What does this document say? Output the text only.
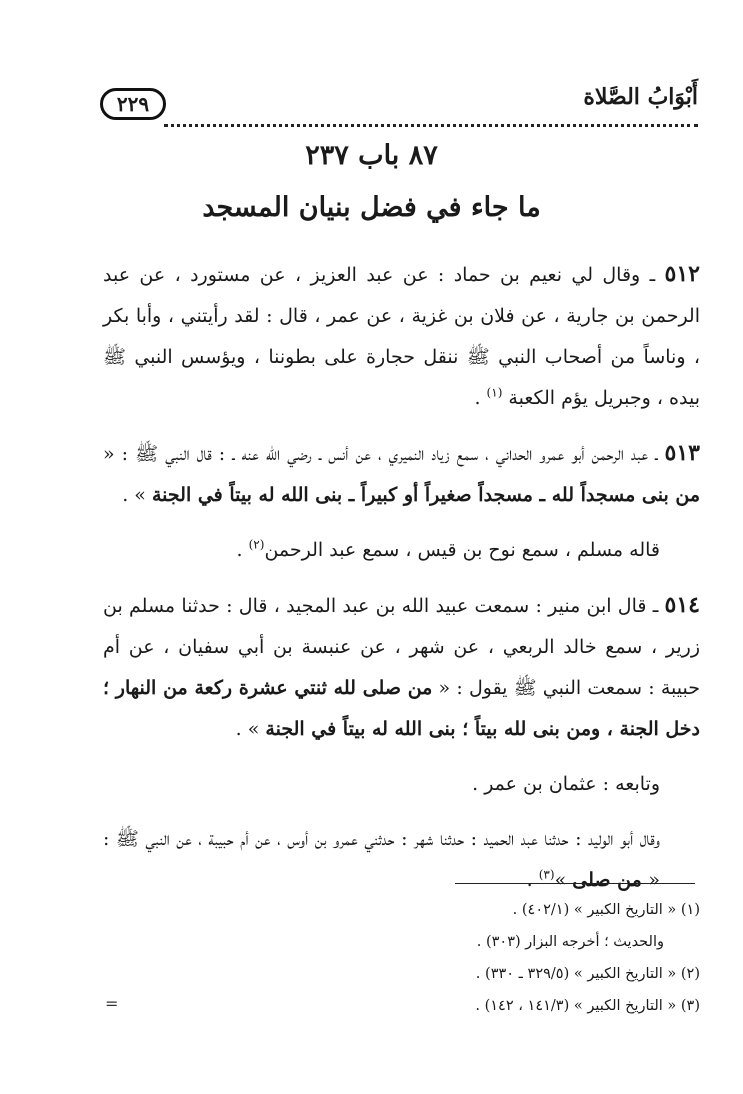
٢٢٩	أَبْوَابُ الصَّلاة
٨٧ باب ٢٣٧
ما جاء في فضل بنيان المسجد

٥١٢ ـ وقال لي نعيم بن حماد : عن عبد العزيز ، عن مستورد ، عن عبد الرحمن بن جارية ، عن فلان بن غزية ، عن عمر ، قال : لقد رأيتني ، وأبا بكر ، وناساً من أصحاب النبي ﷺ ننقل حجارة على بطوننا ، ويؤسس النبي ﷺ بيده ، وجبريل يؤم الكعبة $^{(١)}$ .

٥١٣ ـ عبد الرحمن أبو عمرو الحداني ، سمع زياد النميري ، عن أنس ـ رضي الله عنه ـ : قال النبي ﷺ : « من بنى مسجداً لله ـ مسجداً صغيراً أو كبيراً ـ بنى الله له بيتاً في الجنة » .

قاله مسلم ، سمع نوح بن قيس ، سمع عبد الرحمن$^{(٢)}$ .

٥١٤ ـ قال ابن منير : سمعت عبيد الله بن عبد المجيد ، قال : حدثنا مسلم بن زرير ، سمع خالد الربعي ، عن شهر ، عن عنبسة بن أبي سفيان ، عن أم حبيبة : سمعت النبي ﷺ يقول : « من صلى لله ثنتي عشرة ركعة من النهار ؛ دخل الجنة ، ومن بنى لله بيتاً ؛ بنى الله له بيتاً في الجنة » .

وتابعه : عثمان بن عمر .

وقال أبو الوليد : حدثنا عبد الحميد : حدثنا شهر : حدثني عمرو بن أوس ، عن أم حبيبة ، عن النبي ﷺ : « من صلى »$^{(٣)}$ .

(١) « التاريخ الكبير » (٤٠٢/١) .
والحديث ؛ أخرجه البزار (٣٠٣) .
(٢) « التاريخ الكبير » (٣٢٩/٥ ـ ٣٣٠) .
(٣) « التاريخ الكبير » (١٤١/٣ ، ١٤٢) .
=
